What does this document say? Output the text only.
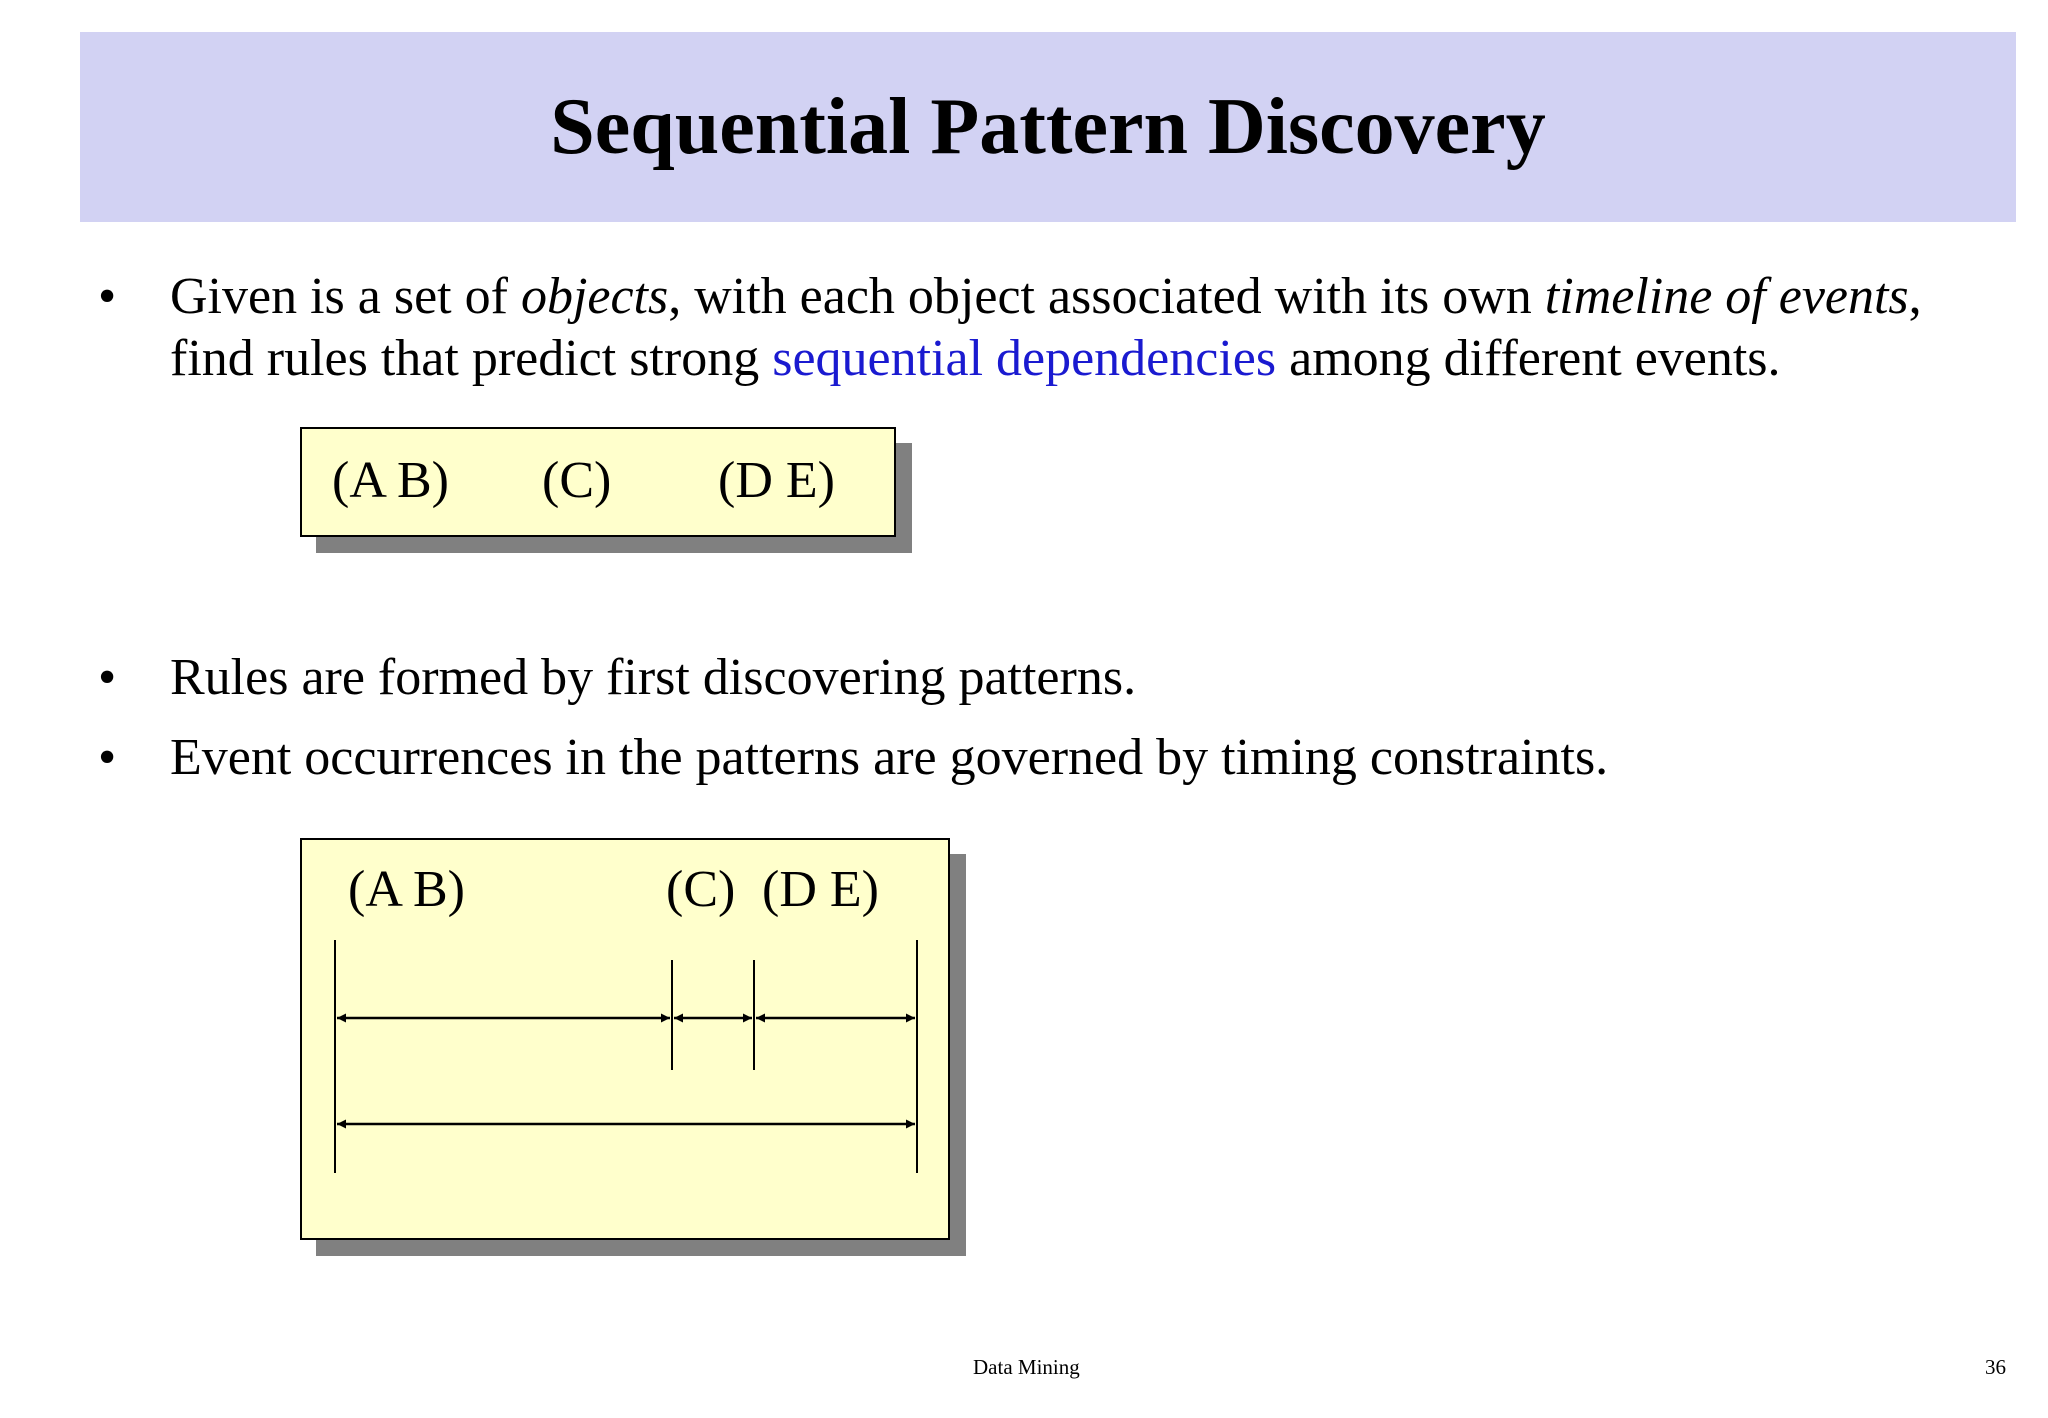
Sequential Pattern Discovery
• Given is a set of objects, with each object associated with its own timeline of events,
find rules that predict strong sequential dependencies among different events.
(A B) (C) (D E)
• Rules are formed by first discovering patterns.
• Event occurrences in the patterns are governed by timing constraints.
(A B)	(C) (D E)
Data Mining	36
